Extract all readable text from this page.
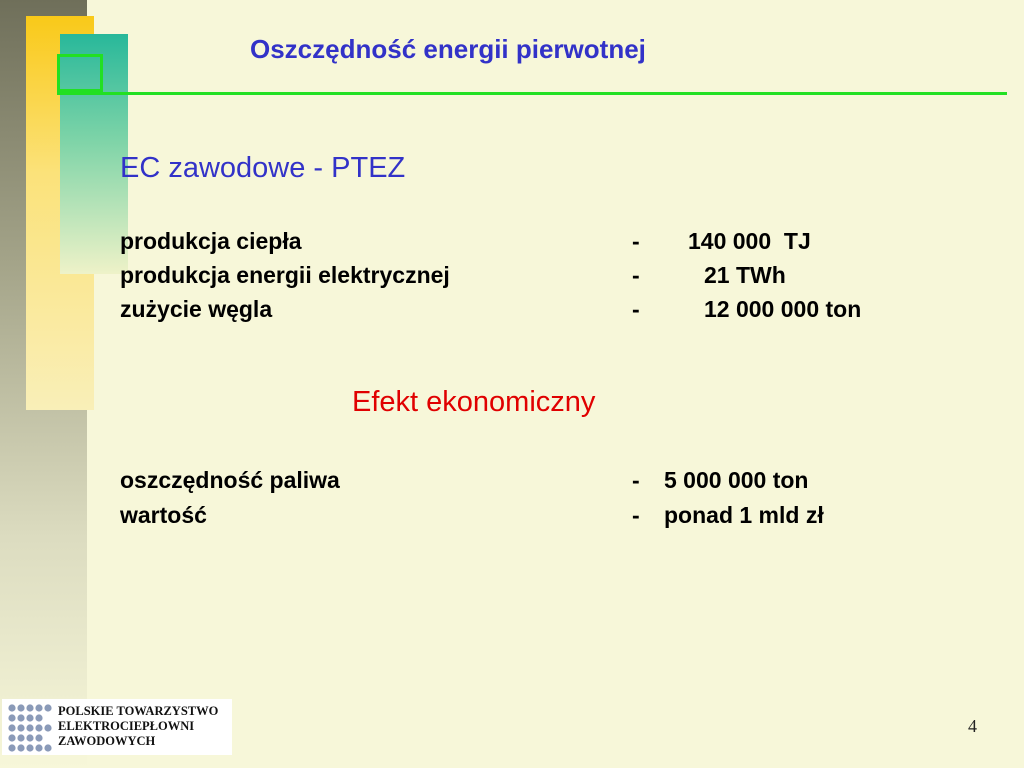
Oszczędność energii pierwotnej
EC zawodowe - PTEZ
produkcja ciepła	- 140 000  TJ
produkcja energii elektrycznej	-	21 TWh
zużycie węgla	-	12 000 000 ton
Efekt ekonomiczny
oszczędność paliwa	- 5 000 000 ton
wartość	- ponad 1 mld zł
POLSKIE TOWARZYSTWO
ELEKTROCIEPŁOWNI
ZAWODOWYCH
4
